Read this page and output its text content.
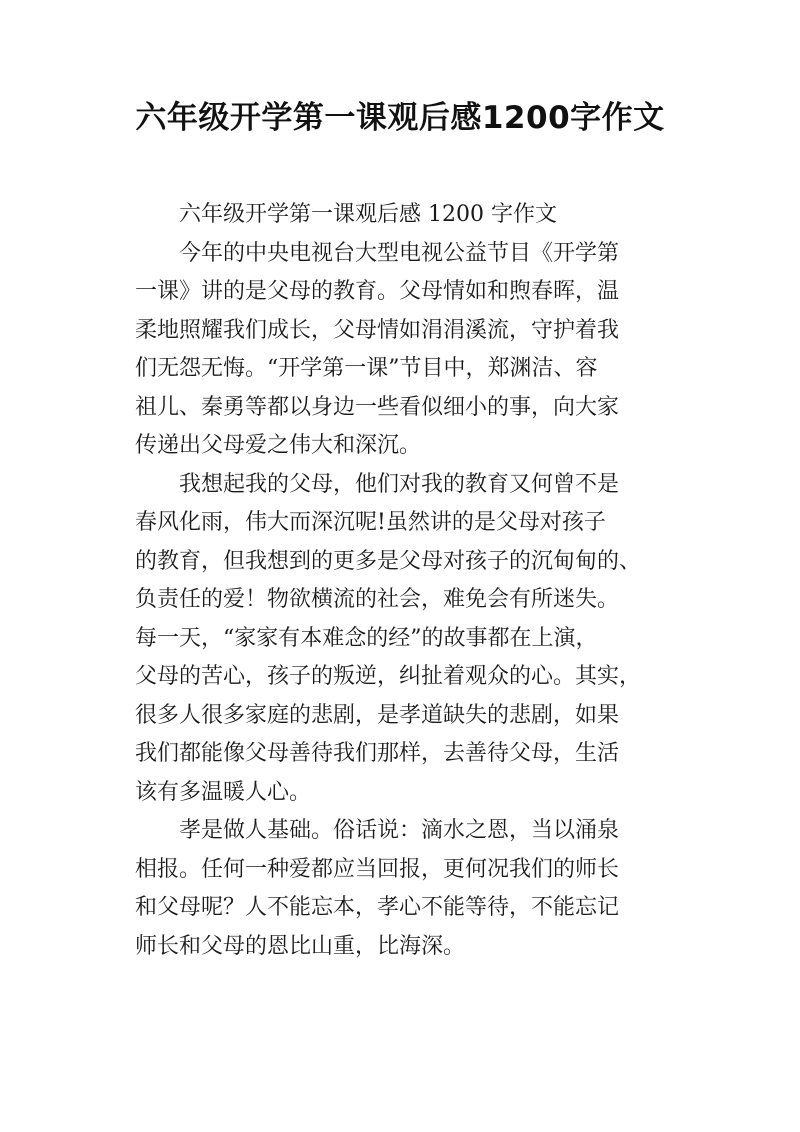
六年级开学第一课观后感1200字作文

六年级开学第一课观后感 1200 字作文

今年的中央电视台大型电视公益节目《开学第
一课》讲的是父母的教育。父母情如和煦春晖，温
柔地照耀我们成长，父母情如涓涓溪流，守护着我
们无怨无悔。“开学第一课”节目中，郑渊洁、容
祖儿、秦勇等都以身边一些看似细小的事，向大家
传递出父母爱之伟大和深沉。

我想起我的父母，他们对我的教育又何曾不是
春风化雨，伟大而深沉呢!虽然讲的是父母对孩子
的教育，但我想到的更多是父母对孩子的沉甸甸的、
负责任的爱！物欲横流的社会，难免会有所迷失。
每一天，“家家有本难念的经”的故事都在上演，
父母的苦心，孩子的叛逆，纠扯着观众的心。其实，
很多人很多家庭的悲剧，是孝道缺失的悲剧，如果
我们都能像父母善待我们那样，去善待父母，生活
该有多温暖人心。

孝是做人基础。俗话说：滴水之恩，当以涌泉
相报。任何一种爱都应当回报，更何况我们的师长
和父母呢？人不能忘本，孝心不能等待，不能忘记
师长和父母的恩比山重，比海深。
